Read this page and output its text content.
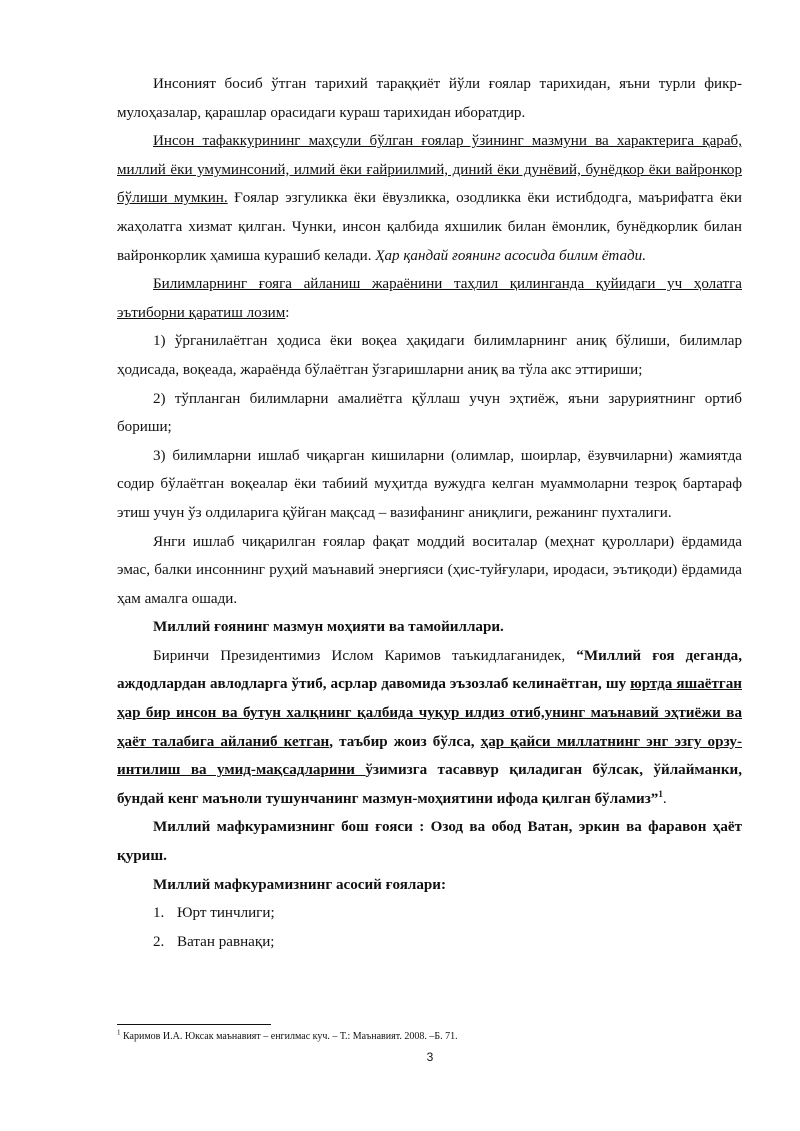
Инсоният босиб ўтган тарихий тараққиёт йўли ғоялар тарихидан, яъни турли фикр-мулоҳазалар, қарашлар орасидаги кураш тарихидан иборатдир.

Инсон тафаккурининг маҳсули бўлган ғоялар ўзининг мазмуни ва характерига қараб, миллий ёки умуминсоний, илмий ёки ғайриилмий, диний ёки дунёвий, бунёдкор ёки вайронкор бўлиши мумкин. Ғоялар эзгуликка ёки ёвузликка, озодликка ёки истибдодга, маърифатга ёки жаҳолатга хизмат қилган. Чунки, инсон қалбида яхшилик билан ёмонлик, бунёдкорлик билан вайронкорлик ҳамиша курашиб келади. Ҳар қандай ғоянинг асосида билим ётади.

Билимларнинг ғояга айланиш жараёнини таҳлил қилинганда қуйидаги уч ҳолатга эътиборни қаратиш лозим:

1) ўрганилаётган ҳодиса ёки воқеа ҳақидаги билимларнинг аниқ бўлиши, билимлар ҳодисада, воқеада, жараёнда бўлаётган ўзгаришларни аниқ ва тўла акс эттириши;

2) тўпланган билимларни амалиётга қўллаш учун эҳтиёж, яъни заруриятнинг ортиб бориши;

3) билимларни ишлаб чиқарган кишиларни (олимлар, шоирлар, ёзувчиларни) жамиятда содир бўлаётган воқеалар ёки табиий муҳитда вужудга келган муаммоларни тезроқ бартараф этиш учун ўз олдиларига қўйган мақсад – вазифанинг аниқлиги, режанинг пухталиги.

Янги ишлаб чиқарилган ғоялар фақат моддий воситалар (меҳнат қуроллари) ёрдамида эмас, балки инсоннинг руҳий маънавий энергияси (ҳис-туйғулари, иродаси, эътиқоди) ёрдамида ҳам амалга ошади.

Миллий ғоянинг мазмун моҳияти ва тамойиллари.

Биринчи Президентимиз Ислом Каримов таъкидлаганидек, “Миллий ғоя деганда, аждодлардан авлодларга ўтиб, асрлар давомида эъзозлаб келинаётган, шу юртда яшаётган ҳар бир инсон ва бутун халқнинг қалбида чуқур илдиз отиб,унинг маънавий эҳтиёжи ва ҳаёт талабига айланиб кетган, таъбир жоиз бўлса, ҳар қайси миллатнинг энг эзгу орзу-интилиш ва умид-мақсадларини ўзимизга тасаввур қиладиган бўлсак, ўйлайманки, бундай кенг маъноли тушунчанинг мазмун-моҳиятини ифода қилган бўламиз”$^1$.

Миллий мафкурамизнинг бош ғояси : Озод ва обод Ватан, эркин ва фаравон ҳаёт қуриш.

Миллий мафкурамизнинг асосий ғоялари:

1. Юрт тинчлиги;
2. Ватан равнақи;
$^1$ Каримов И.А. Юксак маънавият – енгилмас куч. – Т.: Маънавият. 2008. –Б. 71.
3
